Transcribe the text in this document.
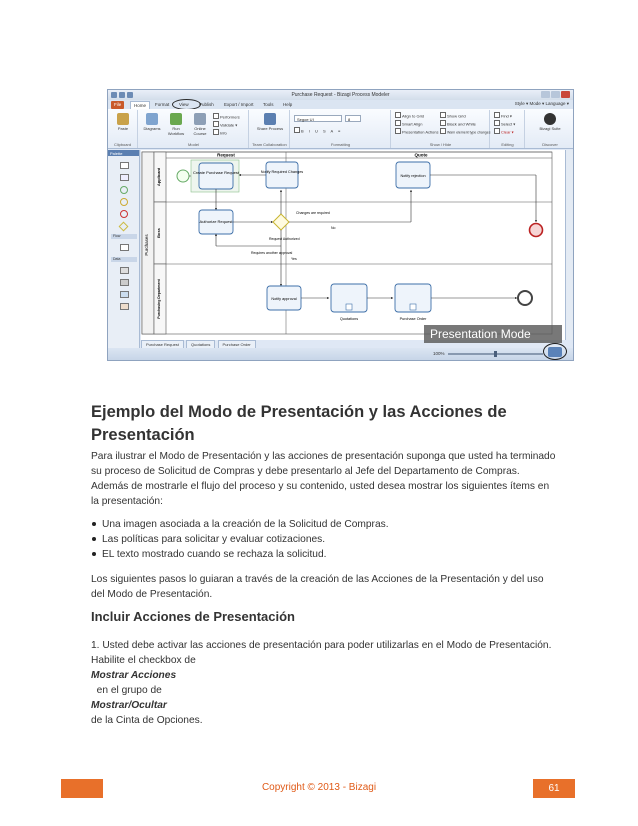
Purchase Request - Bizagi Process Modeler
File	Home	Format	View	Publish	Export / Import	Tools	Help	Style ▾ Mode ▾ Language ▾
Paste
Clipboard
Diagrams	Run Workflow
Online Course
Performers
Validate ▾
Info
Model
Share Process
Team Collaboration
Segoe UI	8
B I U S A ≡
Formatting
Align to Grid
Smart Align
Presentation Actions
Show Grid
Black and White
Warn element type changes
Show / Hide
Find ▾
Select ▾
Clear ▾
Editing
Bizagi Suite
Discover
Palette
Flow
Data
Purchases
Applicant
Boss
Purchasing Department
Request	Quote
Create Purchase Request
Authorize Request
Changes are required
No
Request Authorized
Yes
Requires another approval
Notify Required Changes
Notify rejection
Notify approval
Quotations	Purchase Order
Purchase Request	Quotations	Purchase Order
100%
Presentation Mode
Ejemplo del Modo de Presentación y las Acciones de Presentación
Para ilustrar el Modo de Presentación y las acciones de presentación suponga que usted ha terminado
su proceso de Solicitud de Compras y debe presentarlo al Jefe del Departamento de Compras.
Además de mostrarle el flujo del proceso y su contenido, usted desea mostrar los siguientes ítems en
la presentación:
Una imagen asociada a la creación de la Solicitud de Compras.
Las políticas para solicitar y evaluar cotizaciones.
EL texto mostrado cuando se rechaza la solicitud.
Los siguientes pasos lo guiaran a través de la creación de las Acciones de la Presentación y del uso
del Modo de Presentación.
Incluir Acciones de Presentación
1. Usted debe activar las acciones de presentación para poder utilizarlas en el Modo de Presentación.
Habilite el checkbox de
Mostrar Acciones
en el grupo de
Mostrar/Ocultar
de la Cinta de Opciones.
Copyright © 2013 - Bizagi	61
